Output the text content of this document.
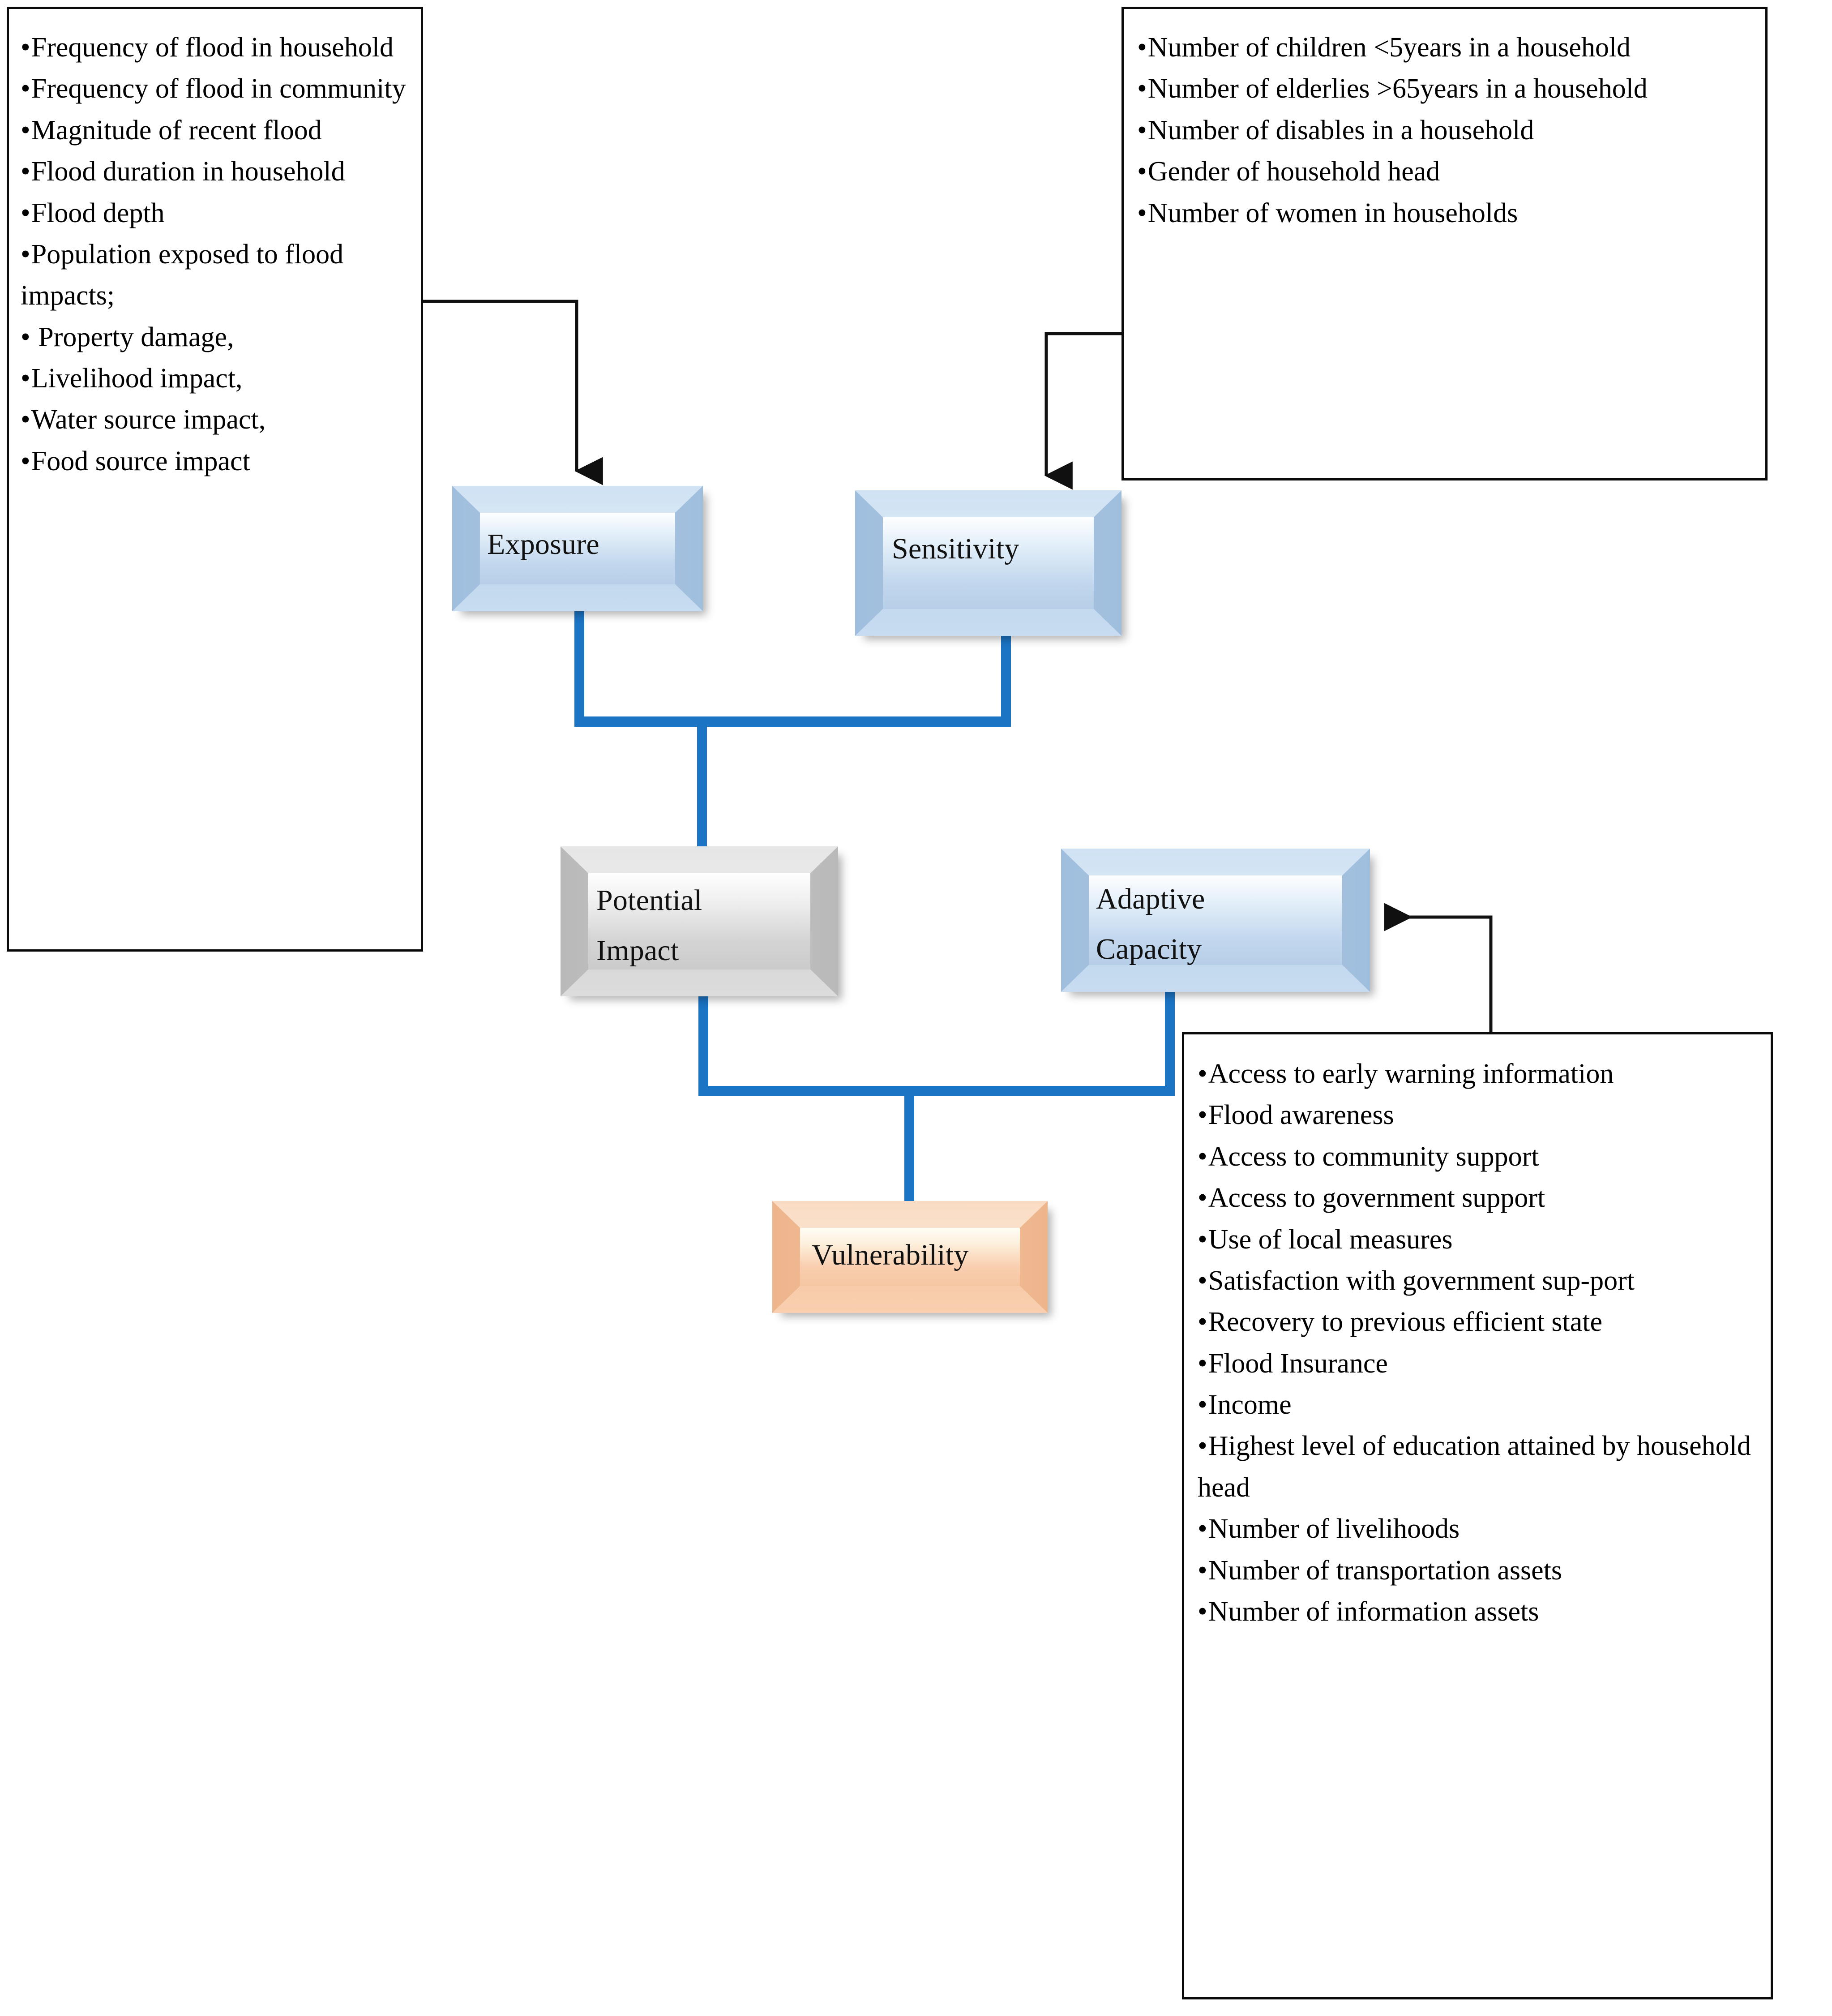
• Frequency of flood in household
• Frequency of flood in community
• Magnitude of recent flood
• Flood duration in household
• Flood depth
• Population exposed to flood impacts;
• Property damage,
• Livelihood impact,
• Water source impact,
• Food source impact
• Number of children <5years in a household
• Number of elderlies >65years in a household
• Number of disables in a household
• Gender of household head
• Number of women in households
• Access to early warning information
• Flood awareness
• Access to community support
• Access to government support
• Use of local measures
• Satisfaction with government sup-port
• Recovery to previous efficient state
• Flood Insurance
• Income
• Highest level of education attained by household head
• Number of livelihoods
• Number of transportation assets
• Number of information assets
Exposure	Sensitivity
Potential
Impact
Adaptive
Capacity
Vulnerability
